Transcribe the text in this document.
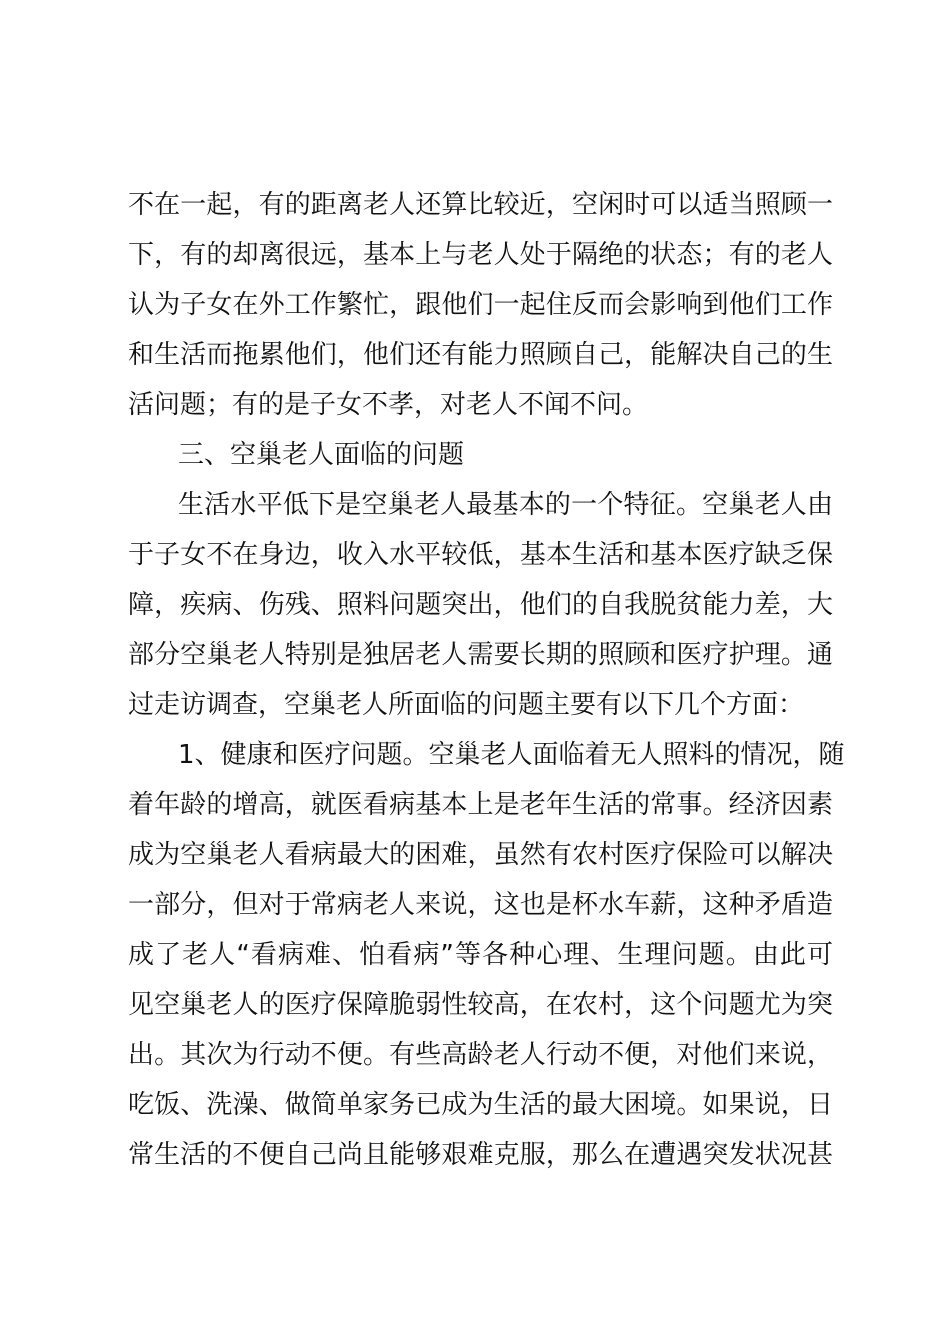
不在一起，有的距离老人还算比较近，空闲时可以适当照顾一
下，有的却离很远，基本上与老人处于隔绝的状态；有的老人
认为子女在外工作繁忙，跟他们一起住反而会影响到他们工作
和生活而拖累他们，他们还有能力照顾自己，能解决自己的生
活问题；有的是子女不孝，对老人不闻不问。
三、空巢老人面临的问题
生活水平低下是空巢老人最基本的一个特征。空巢老人由
于子女不在身边，收入水平较低，基本生活和基本医疗缺乏保
障，疾病、伤残、照料问题突出，他们的自我脱贫能力差，大
部分空巢老人特别是独居老人需要长期的照顾和医疗护理。通
过走访调查，空巢老人所面临的问题主要有以下几个方面：
1、健康和医疗问题。空巢老人面临着无人照料的情况，随
着年龄的增高，就医看病基本上是老年生活的常事。经济因素
成为空巢老人看病最大的困难，虽然有农村医疗保险可以解决
一部分，但对于常病老人来说，这也是杯水车薪，这种矛盾造
成了老人“看病难、怕看病”等各种心理、生理问题。由此可
见空巢老人的医疗保障脆弱性较高，在农村，这个问题尤为突
出。其次为行动不便。有些高龄老人行动不便，对他们来说，
吃饭、洗澡、做简单家务已成为生活的最大困境。如果说，日
常生活的不便自己尚且能够艰难克服，那么在遭遇突发状况甚
